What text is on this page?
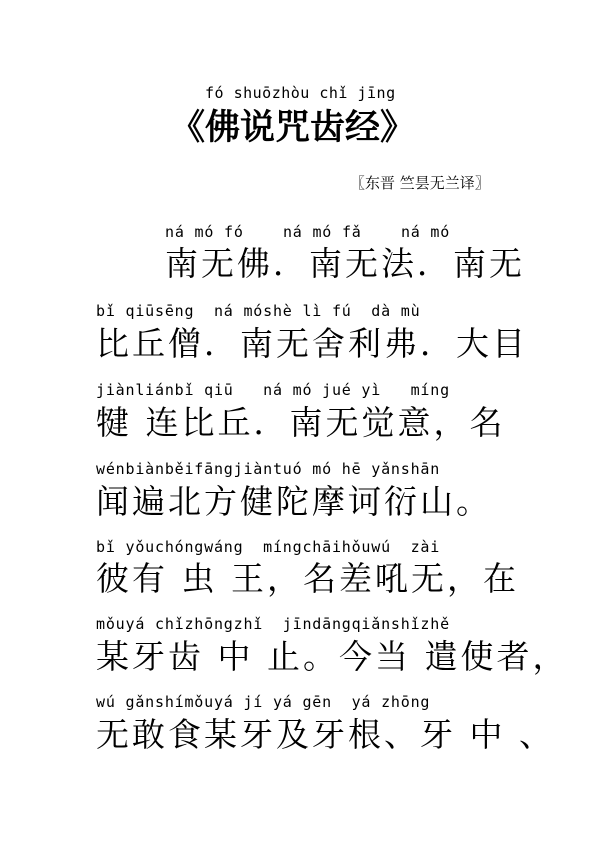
fó shuōzhòu chǐ jīng
《佛说咒齿经》
〖东晋 竺昙无兰译〗
ná mó fó    ná mó fǎ    ná mó
南无佛．南无法．南无
bǐ qiūsēng  ná móshè lì fú  dà mù
比丘僧．南无舍利弗．大目
jiànliánbǐ qiū   ná mó jué yì   míng
犍 连比丘．南无觉意，名
wénbiànběifāngjiàntuó mó hē yǎnshān
闻遍北方健陀摩诃衍山。
bǐ yǒuchóngwáng  míngchāihǒuwú  zài
彼有 虫 王，名差吼无，在
mǒuyá chǐzhōngzhǐ  jīndāngqiǎnshǐzhě
某牙齿 中 止。今当 遣使者，
wú gǎnshímǒuyá jí yá gēn  yá zhōng
无敢食某牙及牙根、牙 中 、
